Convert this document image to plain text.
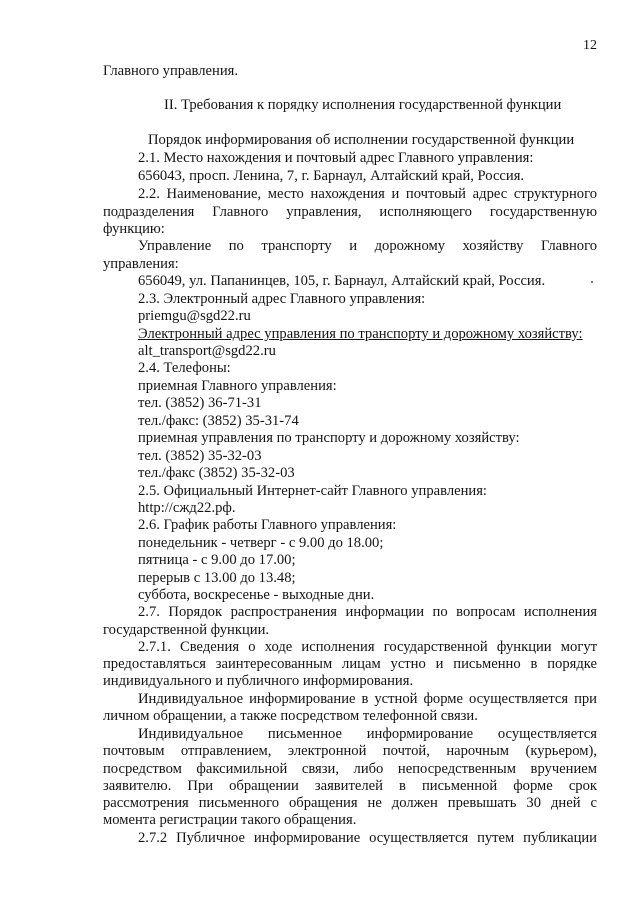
12
Главного управления.
II. Требования к порядку исполнения государственной функции
Порядок информирования об исполнении государственной функции
2.1. Место нахождения и почтовый адрес Главного управления:
656043, просп. Ленина, 7, г. Барнаул, Алтайский край, Россия.
2.2. Наименование, место нахождения и почтовый адрес структурного
подразделения Главного управления, исполняющего государственную
функцию:
Управление по транспорту и дорожному хозяйству Главного
управления:
656049, ул. Папанинцев, 105, г. Барнаул, Алтайский край, Россия.
2.3. Электронный адрес Главного управления:
priemgu@sgd22.ru
Электронный адрес управления по транспорту и дорожному хозяйству:
alt_transport@sgd22.ru
2.4. Телефоны:
приемная Главного управления:
тел. (3852) 36-71-31
тел./факс: (3852) 35-31-74
приемная управления по транспорту и дорожному хозяйству:
тел. (3852) 35-32-03
тел./факс (3852) 35-32-03
2.5. Официальный Интернет-сайт Главного управления:
http://сжд22.рф.
2.6. График работы Главного управления:
понедельник - четверг - с 9.00 до 18.00;
пятница - с 9.00 до 17.00;
перерыв с 13.00 до 13.48;
суббота, воскресенье - выходные дни.
2.7. Порядок распространения информации по вопросам исполнения
государственной функции.
2.7.1. Сведения о ходе исполнения государственной функции могут
предоставляться заинтересованным лицам устно и письменно в порядке
индивидуального и публичного информирования.
Индивидуальное информирование в устной форме осуществляется при
личном обращении, а также посредством телефонной связи.
Индивидуальное письменное информирование осуществляется
почтовым отправлением, электронной почтой, нарочным (курьером),
посредством факсимильной связи, либо непосредственным вручением
заявителю. При обращении заявителей в письменной форме срок
рассмотрения письменного обращения не должен превышать 30 дней с
момента регистрации такого обращения.
2.7.2 Публичное информирование осуществляется путем публикации
